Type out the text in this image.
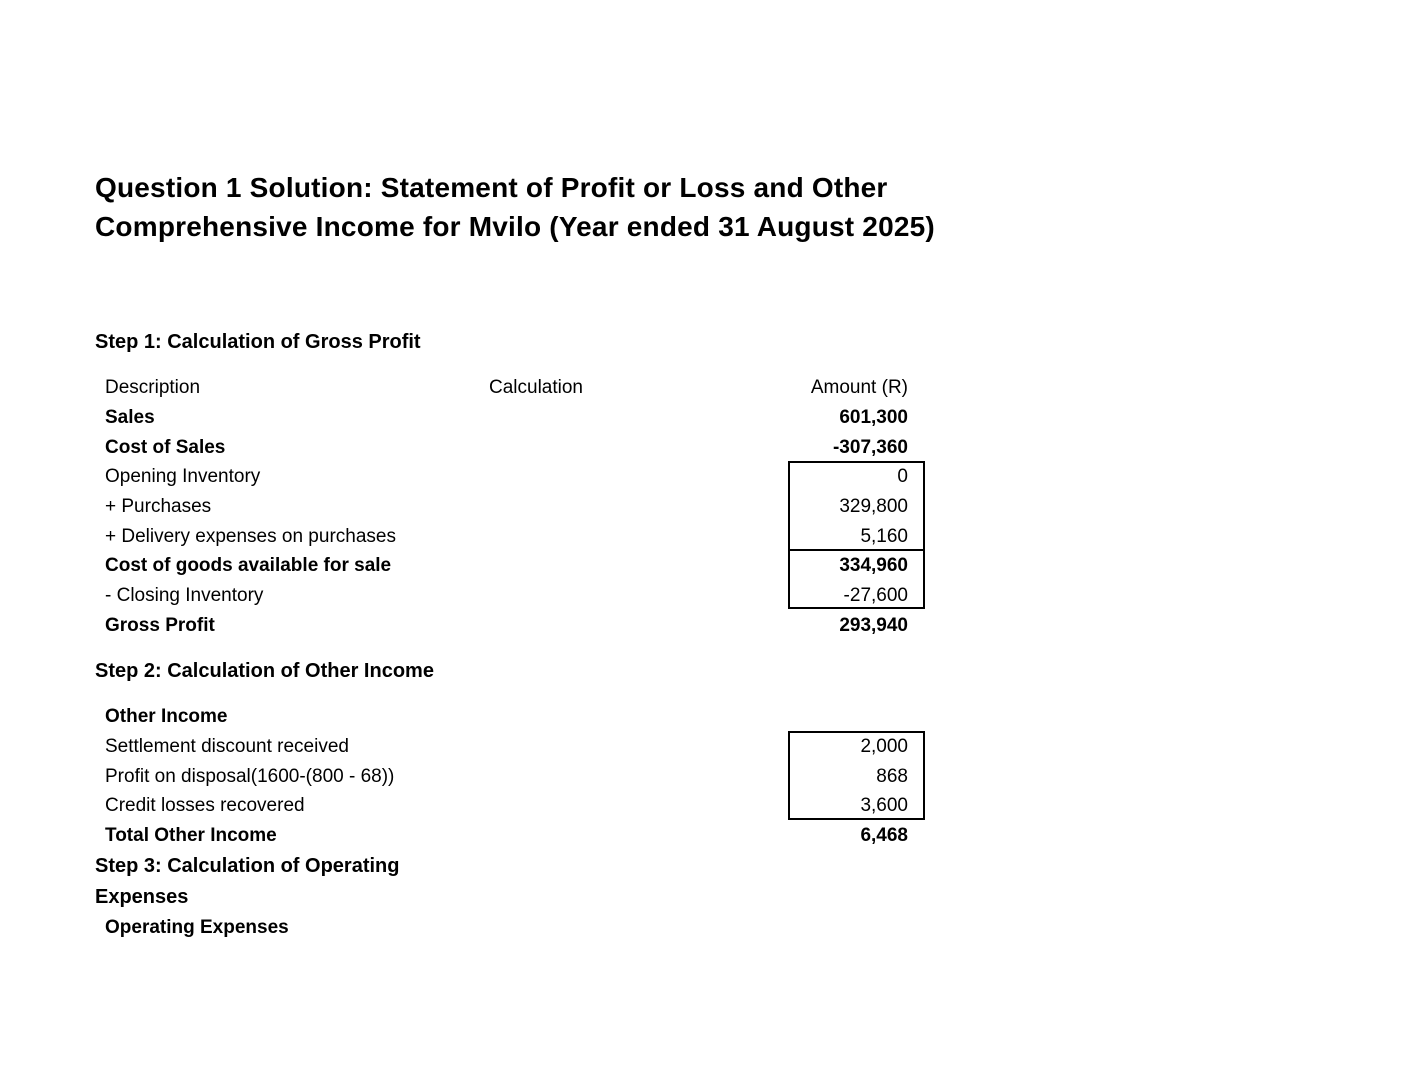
Question 1 Solution: Statement of Profit or Loss and Other
Comprehensive Income for Mvilo (Year ended 31 August 2025)
Step 1: Calculation of Gross Profit
Description	Calculation	Amount (R)
Sales	601,300
Cost of Sales	-307,360
Opening Inventory	0
+ Purchases	329,800
+ Delivery expenses on purchases	5,160
Cost of goods available for sale	334,960
- Closing Inventory	-27,600
Gross Profit	293,940
Step 2: Calculation of Other Income
Other Income
Settlement discount received	2,000
Profit on disposal(1600-(800 - 68))	868
Credit losses recovered	3,600
Total Other Income	6,468
Step 3: Calculation of Operating
Expenses
Operating Expenses
